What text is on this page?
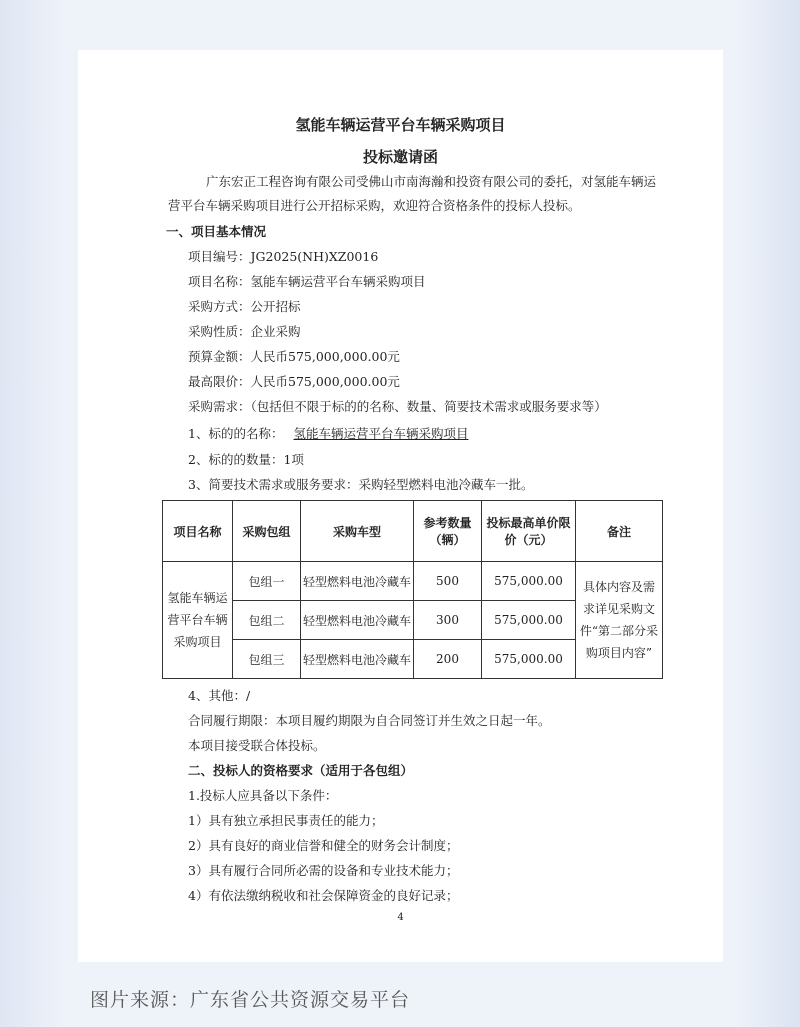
氢能车辆运营平台车辆采购项目
投标邀请函
广东宏正工程咨询有限公司受佛山市南海瀚和投资有限公司的委托，对氢能车辆运营平台车辆采购项目进行公开招标采购，欢迎符合资格条件的投标人投标。
一、项目基本情况
项目编号：JG2025(NH)XZ0016
项目名称：氢能车辆运营平台车辆采购项目
采购方式：公开招标
采购性质：企业采购
预算金额：人民币575,000,000.00元
最高限价：人民币575,000,000.00元
采购需求：（包括但不限于标的的名称、数量、简要技术需求或服务要求等）
1、标的的名称： 氢能车辆运营平台车辆采购项目
2、标的的数量：1项
3、简要技术需求或服务要求：采购轻型燃料电池冷藏车一批。
项目名称	采购包组	采购车型	参考数量（辆）	投标最高单价限价（元）	备注
氢能车辆运营平台车辆采购项目	包组一	轻型燃料电池冷藏车	500	575,000.00	具体内容及需求详见采购文件“第二部分采购项目内容”
	包组二	轻型燃料电池冷藏车	300	575,000.00	
	包组三	轻型燃料电池冷藏车	200	575,000.00	
4、其他：/
合同履行期限：本项目履约期限为自合同签订并生效之日起一年。
本项目接受联合体投标。
二、投标人的资格要求（适用于各包组）
1.投标人应具备以下条件：
1）具有独立承担民事责任的能力；
2）具有良好的商业信誉和健全的财务会计制度；
3）具有履行合同所必需的设备和专业技术能力；
4）有依法缴纳税收和社会保障资金的良好记录；
4
图片来源：广东省公共资源交易平台
